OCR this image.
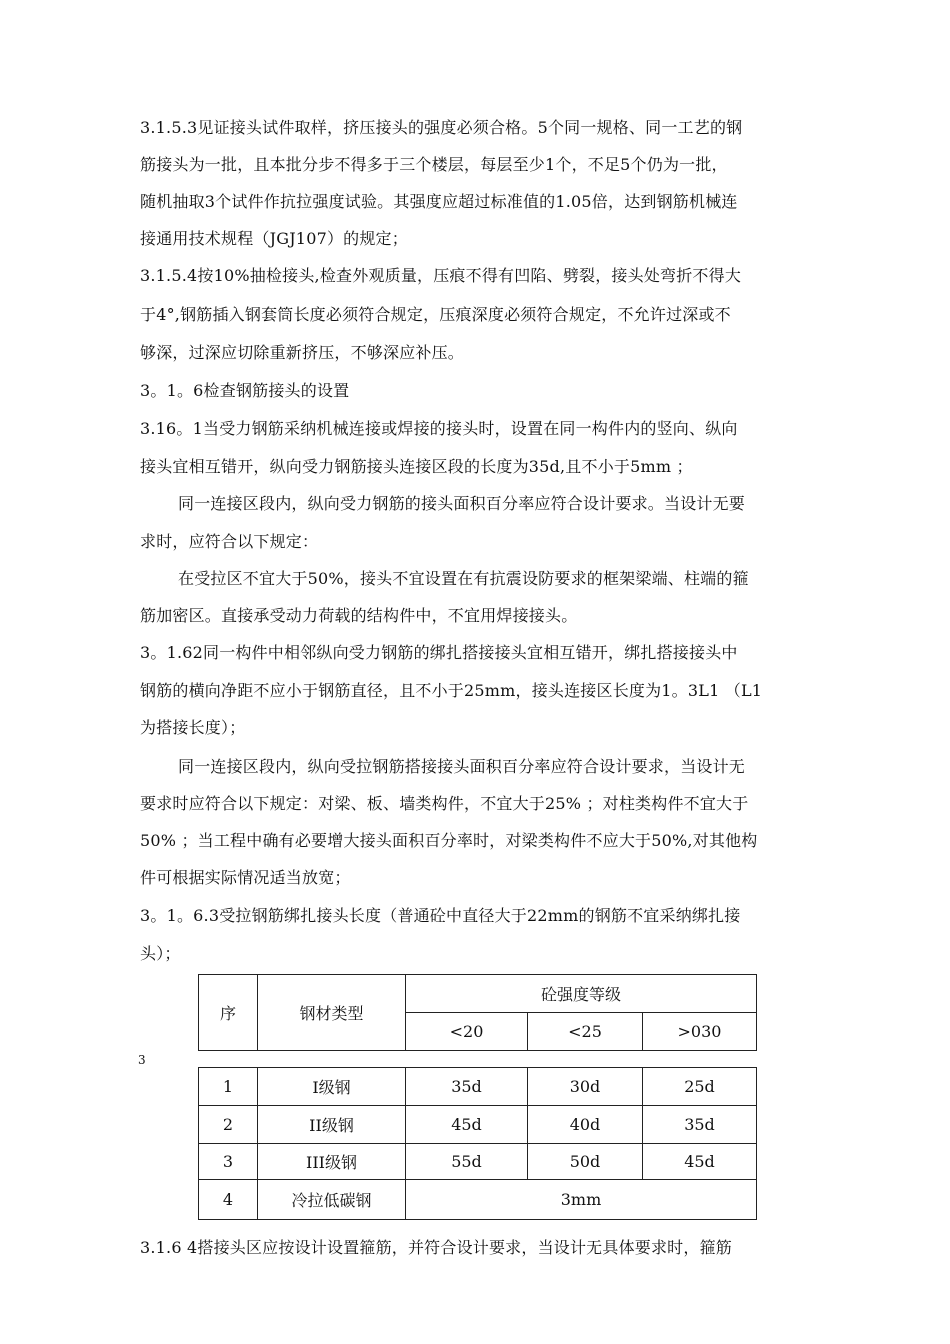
3.1.5.3见证接头试件取样，挤压接头的强度必须合格。5个同一规格、同一工艺的钢
筋接头为一批，且本批分步不得多于三个楼层，每层至少1个，不足5个仍为一批，
随机抽取3个试件作抗拉强度试验。其强度应超过标准值的1.05倍，达到钢筋机械连
接通用技术规程（JGJ107）的规定；
3.1.5.4按10%抽检接头,检查外观质量，压痕不得有凹陷、劈裂，接头处弯折不得大
于4°,钢筋插入钢套筒长度必须符合规定，压痕深度必须符合规定，不允许过深或不
够深，过深应切除重新挤压，不够深应补压。
3。1。6检查钢筋接头的设置
3.16。1当受力钢筋采纳机械连接或焊接的接头时，设置在同一构件内的竖向、纵向
接头宜相互错开，纵向受力钢筋接头连接区段的长度为35d,且不小于5mm ；
同一连接区段内，纵向受力钢筋的接头面积百分率应符合设计要求。当设计无要
求时，应符合以下规定：
在受拉区不宜大于50%，接头不宜设置在有抗震设防要求的框架梁端、柱端的箍
筋加密区。直接承受动力荷载的结构件中，不宜用焊接接头。
3。1.62同一构件中相邻纵向受力钢筋的绑扎搭接接头宜相互错开，绑扎搭接接头中
钢筋的横向净距不应小于钢筋直径，且不小于25mm，接头连接区长度为1。3L1 （L1
为搭接长度）；
同一连接区段内，纵向受拉钢筋搭接接头面积百分率应符合设计要求，当设计无
要求时应符合以下规定：对梁、板、墙类构件，不宜大于25% ；对柱类构件不宜大于
50% ；当工程中确有必要增大接头面积百分率时，对梁类构件不应大于50%,对其他构
件可根据实际情况适当放宽；
3。1。6.3受拉钢筋绑扎接头长度（普通砼中直径大于22mm的钢筋不宜采纳绑扎接
头）；
3
序	钢材类型	砼强度等级		
		<20	<25	>030
1	I级钢	35d	30d	25d
2	II级钢	45d	40d	35d
3	III级钢	55d	50d	45d
4	冷拉低碳钢	3mm		
3.1.6 4搭接头区应按设计设置箍筋，并符合设计要求，当设计无具体要求时，箍筋
